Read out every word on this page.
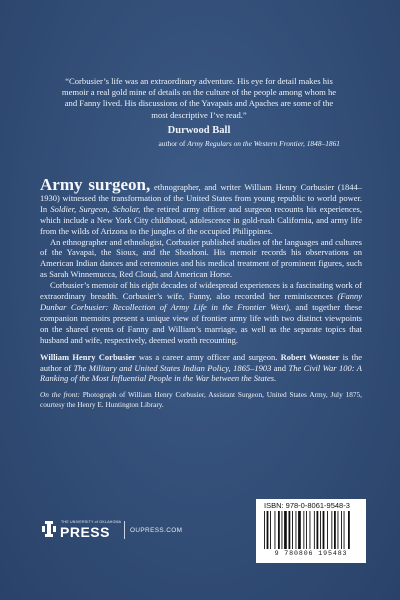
“Corbusier’s life was an extraordinary adventure. His eye for detail makes his memoir a real gold mine of details on the culture of the people among whom he and Fanny lived. His discussions of the Yavapais and Apaches are some of the most descriptive I’ve read.”

Durwood Ball

author of Army Regulars on the Western Frontier, 1848–1861

Army surgeon, ethnographer, and writer William Henry Corbusier (1844–1930) witnessed the transformation of the United States from young republic to world power. In Soldier, Surgeon, Scholar, the retired army officer and surgeon recounts his experiences, which include a New York City childhood, adolescence in gold-rush California, and army life from the wilds of Arizona to the jungles of the occupied Philippines.

An ethnographer and ethnologist, Corbusier published studies of the languages and cultures of the Yavapai, the Sioux, and the Shoshoni. His memoir records his observations on American Indian dances and ceremonies and his medical treatment of prominent figures, such as Sarah Winnemucca, Red Cloud, and American Horse.

Corbusier’s memoir of his eight decades of widespread experiences is a fascinating work of extraordinary breadth. Corbusier’s wife, Fanny, also recorded her reminiscences (Fanny Dunbar Corbusier: Recollection of Army Life in the Frontier West), and together these companion memoirs present a unique view of frontier army life with two distinct viewpoints on the shared events of Fanny and William’s marriage, as well as the separate topics that husband and wife, respectively, deemed worth recounting.

William Henry Corbusier was a career army officer and surgeon. Robert Wooster is the author of The Military and United States Indian Policy, 1865–1903 and The Civil War 100: A Ranking of the Most Influential People in the War between the States.

On the front: Photograph of William Henry Corbusier, Assistant Surgeon, United States Army, July 1875, courtesy the Henry E. Huntington Library.

THE UNIVERSITY of OKLAHOMA
PRESS	OUPRESS.COM
ISBN: 978-0-8061-9548-3
9 780806 195483
